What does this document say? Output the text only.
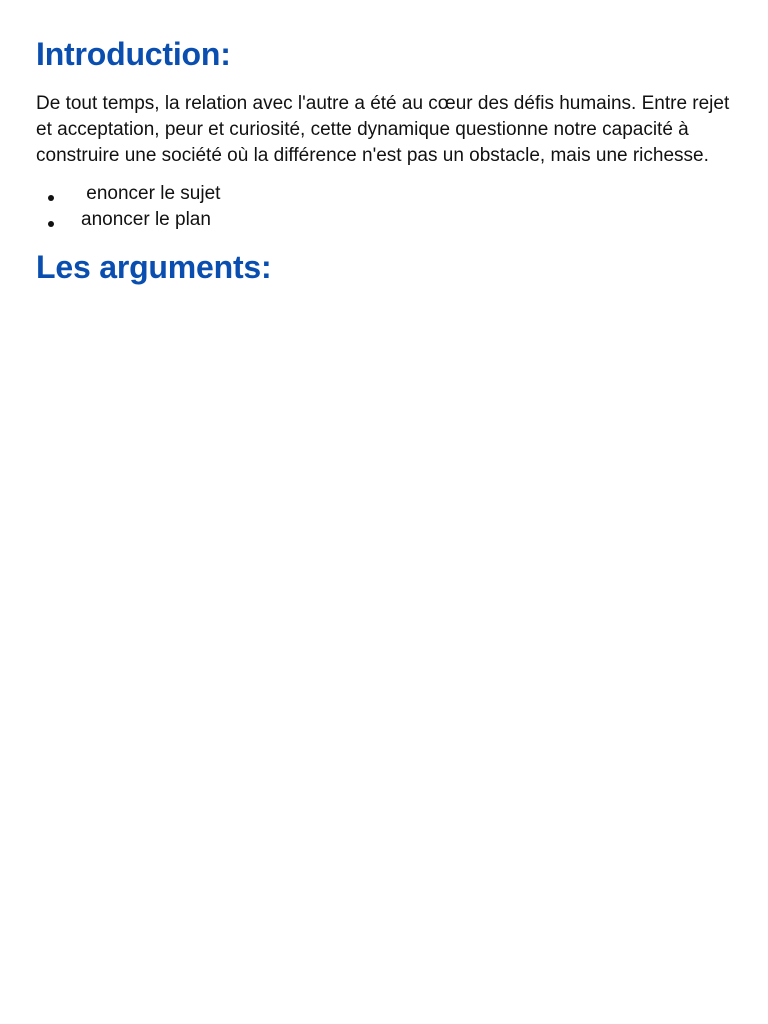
Introduction:

De tout temps, la relation avec l'autre a été au cœur des défis humains. Entre rejet et acceptation, peur et curiosité, cette dynamique questionne notre capacité à construire une société où la différence n'est pas un obstacle, mais une richesse.

enoncer le sujet
anoncer le plan
Les arguments:
